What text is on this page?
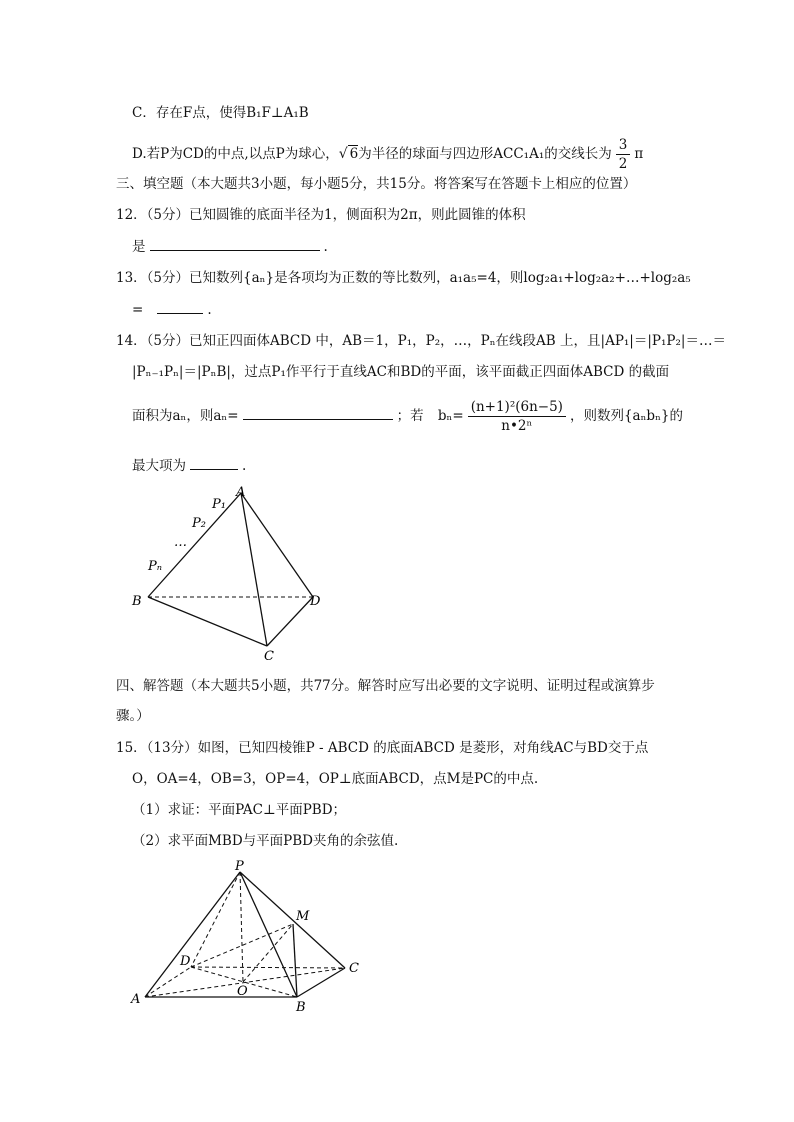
C．存在F点，使得B₁F⊥A₁B
D.若P为CD的中点,以点P为球心，√ 6为半径的球面与四边形ACC₁A₁的交线长为 $\frac{3}{2}$ π
三、填空题（本大题共3小题，每小题5分，共15分。将答案写在答题卡上相应的位置）
12．（5分）已知圆锥的底面半径为1，侧面积为2π，则此圆锥的体积
是	.
13．（5分）已知数列{aₙ}是各项均为正数的等比数列，a₁a₅=4，则log₂a₁+log₂a₂+…+log₂a₅
=	.
14．（5分）已知正四面体ABCD 中，AB＝1，P₁，P₂，…，Pₙ在线段AB 上，且|AP₁|＝|P₁P₂|＝…＝
|Pₙ₋₁Pₙ|＝|PₙB|，过点P₁作平行于直线AC和BD的平面，该平面截正四面体ABCD 的截面
面积为aₙ，则aₙ=	；若 $b_n= \frac{\text{(n+1)²(6n−5)}}{\text{n•2ⁿ}}$ ，则数列{aₙbₙ}的
最大项为	.
A
B
C
D
P₁
P₂
…
Pₙ
四、解答题（本大题共5小题，共77分。解答时应写出必要的文字说明、证明过程或演算步
骤。）
15．（13分）如图，已知四棱锥P - ABCD 的底面ABCD 是菱形，对角线AC与BD交于点
O，OA=4，OB=3，OP=4，OP⊥底面ABCD，点M是PC的中点.
（1）求证：平面PAC⊥平面PBD；
（2）求平面MBD与平面PBD夹角的余弦值.
P
M
D	C
O
A
B
